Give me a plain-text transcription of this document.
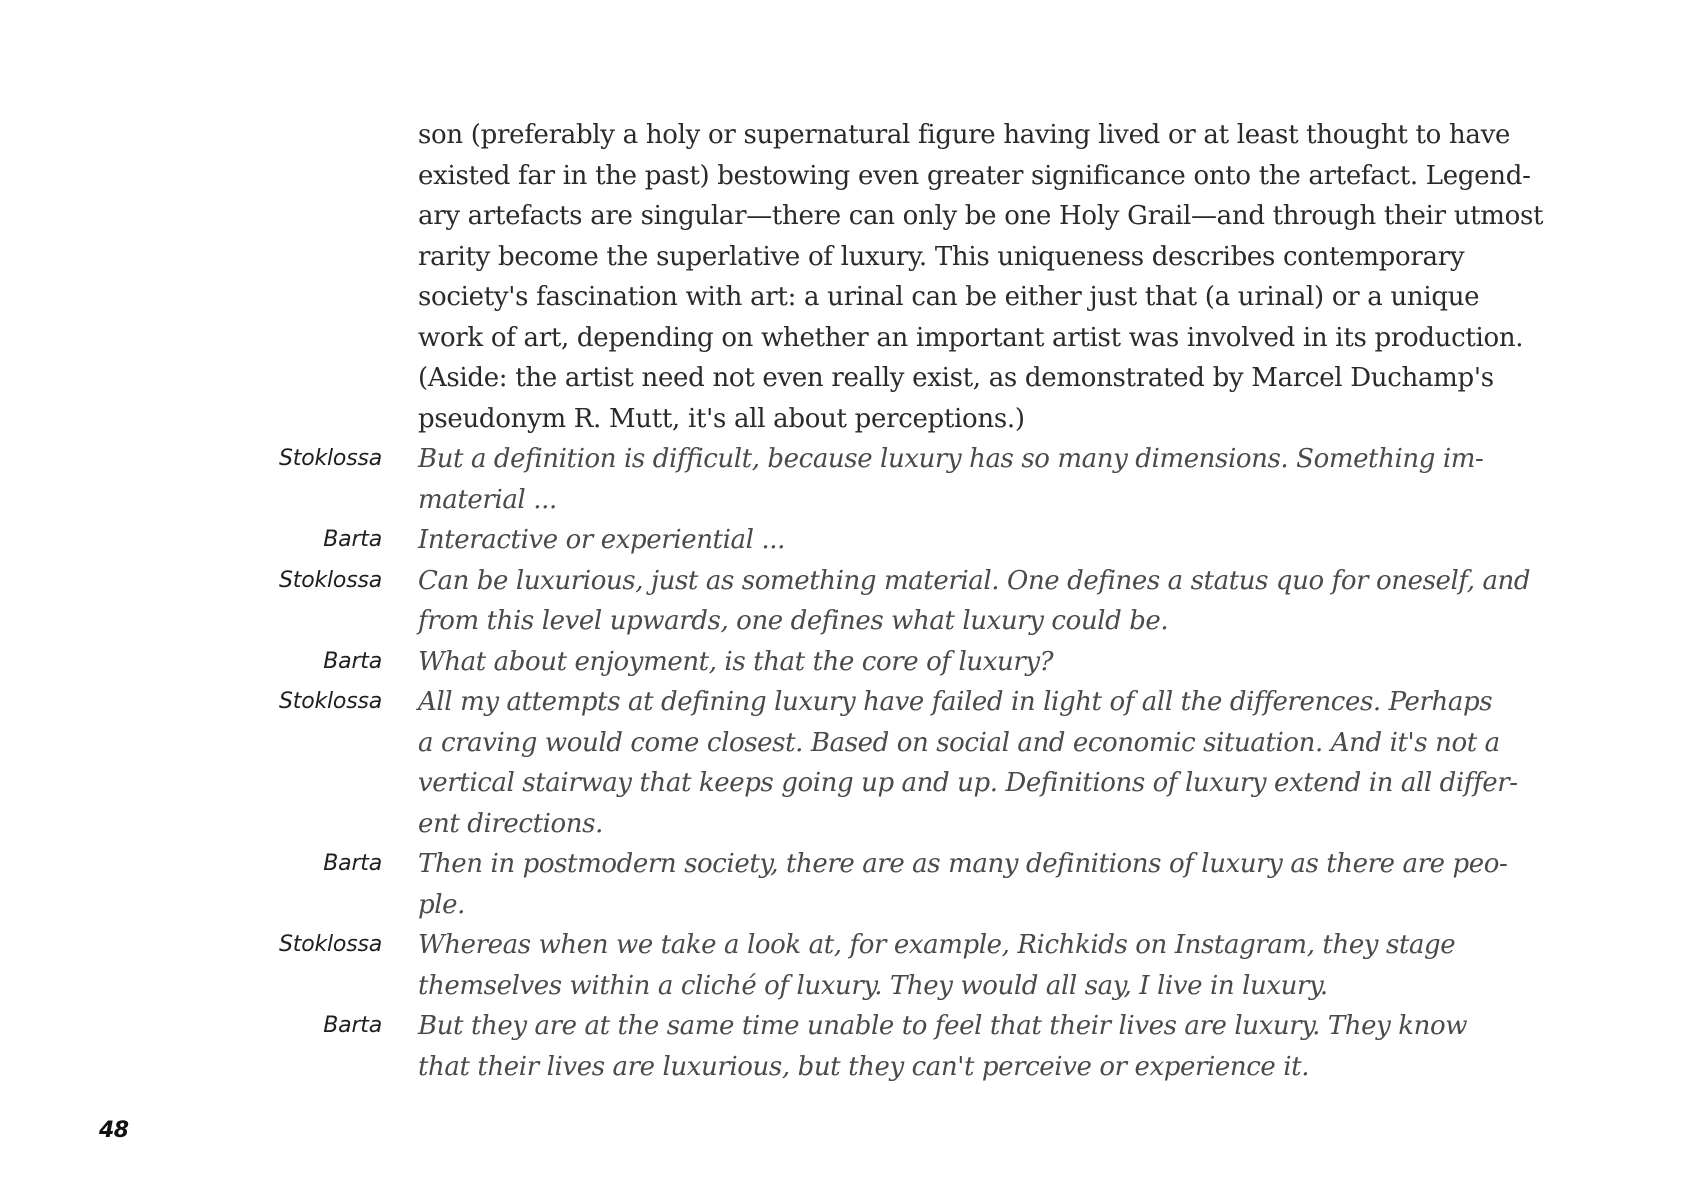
son (preferably a holy or supernatural figure having lived or at least thought to have
existed far in the past) bestowing even greater significance onto the artefact. Legend-
ary artefacts are singular—there can only be one Holy Grail—and through their utmost
rarity become the superlative of luxury. This uniqueness describes contemporary
society's fascination with art: a urinal can be either just that (a urinal) or a unique
work of art, depending on whether an important artist was involved in its production.
(Aside: the artist need not even really exist, as demonstrated by Marcel Duchamp's
pseudonym R. Mutt, it's all about perceptions.)
Stoklossa	But a definition is difficult, because luxury has so many dimensions. Something im-
material ...
Barta	Interactive or experiential ...
Stoklossa	Can be luxurious, just as something material. One defines a status quo for oneself, and
from this level upwards, one defines what luxury could be.
Barta	What about enjoyment, is that the core of luxury?
Stoklossa	All my attempts at defining luxury have failed in light of all the differences. Perhaps
a craving would come closest. Based on social and economic situation. And it's not a
vertical stairway that keeps going up and up. Definitions of luxury extend in all differ-
ent directions.
Barta	Then in postmodern society, there are as many definitions of luxury as there are peo-
ple.
Stoklossa	Whereas when we take a look at, for example, Richkids on Instagram, they stage
themselves within a cliché of luxury. They would all say, I live in luxury.
Barta	But they are at the same time unable to feel that their lives are luxury. They know
that their lives are luxurious, but they can't perceive or experience it.
48
